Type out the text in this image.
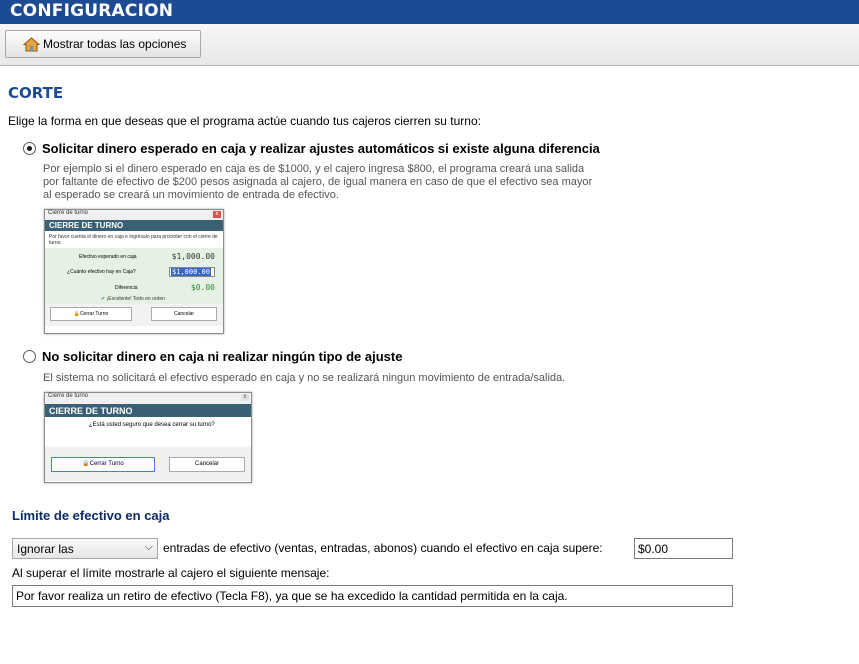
CONFIGURACION
Mostrar todas las opciones
CORTE
Elige la forma en que deseas que el programa actúe cuando tus cajeros cierren su turno:
Solicitar dinero esperado en caja y realizar ajustes automáticos si existe alguna diferencia
Por ejemplo si el dinero esperado en caja es de $1000, y el cajero ingresa $800, el programa creará una salida
por faltante de efectivo de $200 pesos asignada al cajero, de igual manera en caso de que el efectivo sea mayor
al esperado se creará un movimiento de entrada de efectivo.
Cierre de turno	x
CIERRE DE TURNO
Por favor cuenta el dinero en caja e ingrésalo para proceder con el cierre de turno.
Efectivo esperado en caja	$1,000.00
¿Cuánto efectivo hay en Caja?	$1,000.00
Diferencia	$0.00
✔ ¡Excelente! Todo en orden
🔒Cerrar Turno	Cancelar
No solicitar dinero en caja ni realizar ningún tipo de ajuste
El sistema no solicitará el efectivo esperado en caja y no se realizará ningun movimiento de entrada/salida.
Cierre de turno	x
CIERRE DE TURNO
¿Está usted seguro que desea cerrar su turno?
🔒Cerrar Turno	Cancelar
Límite de efectivo en caja
Ignorar las	⌵ entradas de efectivo (ventas, entradas, abonos) cuando el efectivo en caja supere:
$0.00
Al superar el límite mostrarle al cajero el siguiente mensaje:
Por favor realiza un retiro de efectivo (Tecla F8), ya que se ha excedido la cantidad permitida en la caja.
